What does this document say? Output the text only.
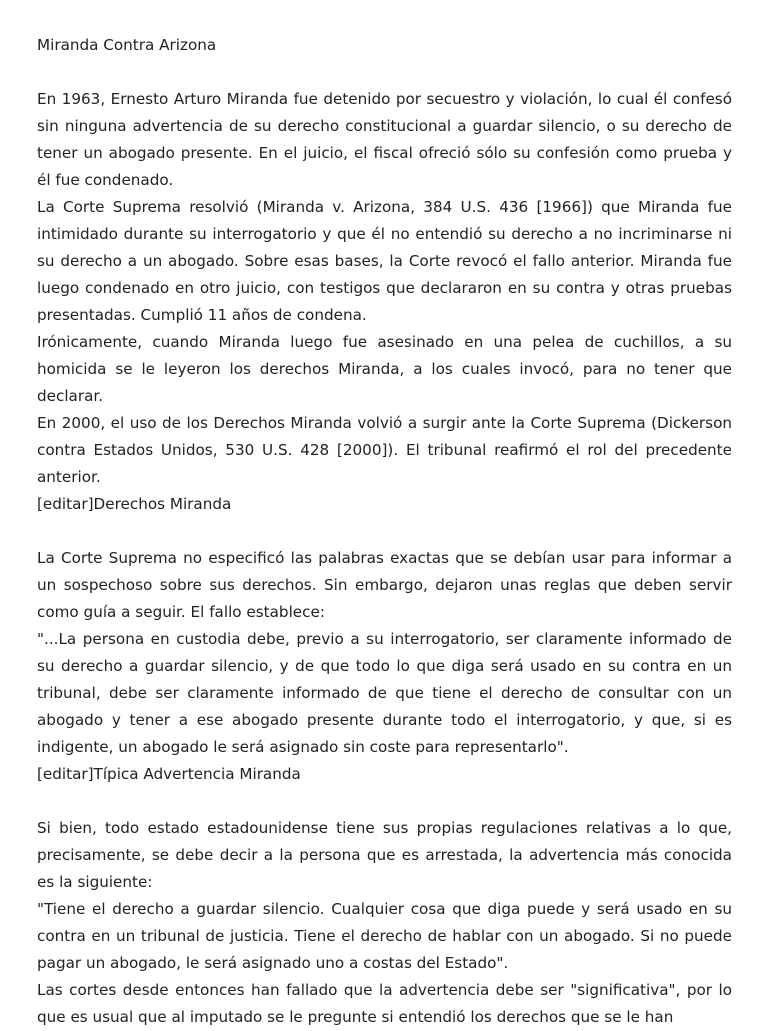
Miranda Contra Arizona

En 1963, Ernesto Arturo Miranda fue detenido por secuestro y violación, lo cual él confesó sin ninguna advertencia de su derecho constitucional a guardar silencio, o su derecho de tener un abogado presente. En el juicio, el fiscal ofreció sólo su confesión como prueba y él fue condenado.

La Corte Suprema resolvió (Miranda v. Arizona, 384 U.S. 436 [1966]) que Miranda fue intimidado durante su interrogatorio y que él no entendió su derecho a no incriminarse ni su derecho a un abogado. Sobre esas bases, la Corte revocó el fallo anterior. Miranda fue luego condenado en otro juicio, con testigos que declararon en su contra y otras pruebas presentadas. Cumplió 11 años de condena.

Irónicamente, cuando Miranda luego fue asesinado en una pelea de cuchillos, a su homicida se le leyeron los derechos Miranda, a los cuales invocó, para no tener que declarar.

En 2000, el uso de los Derechos Miranda volvió a surgir ante la Corte Suprema (Dickerson contra Estados Unidos, 530 U.S. 428 [2000]). El tribunal reafirmó el rol del precedente anterior.

[editar]Derechos Miranda

La Corte Suprema no especificó las palabras exactas que se debían usar para informar a un sospechoso sobre sus derechos. Sin embargo, dejaron unas reglas que deben servir como guía a seguir. El fallo establece:

"...La persona en custodia debe, previo a su interrogatorio, ser claramente informado de su derecho a guardar silencio, y de que todo lo que diga será usado en su contra en un tribunal, debe ser claramente informado de que tiene el derecho de consultar con un abogado y tener a ese abogado presente durante todo el interrogatorio, y que, si es indigente, un abogado le será asignado sin coste para representarlo".

[editar]Típica Advertencia Miranda

Si bien, todo estado estadounidense tiene sus propias regulaciones relativas a lo que, precisamente, se debe decir a la persona que es arrestada, la advertencia más conocida es la siguiente:

"Tiene el derecho a guardar silencio. Cualquier cosa que diga puede y será usado en su contra en un tribunal de justicia. Tiene el derecho de hablar con un abogado. Si no puede pagar un abogado, le será asignado uno a costas del Estado".

Las cortes desde entonces han fallado que la advertencia debe ser "significativa", por lo que es usual que al imputado se le pregunte si entendió los derechos que se le han
